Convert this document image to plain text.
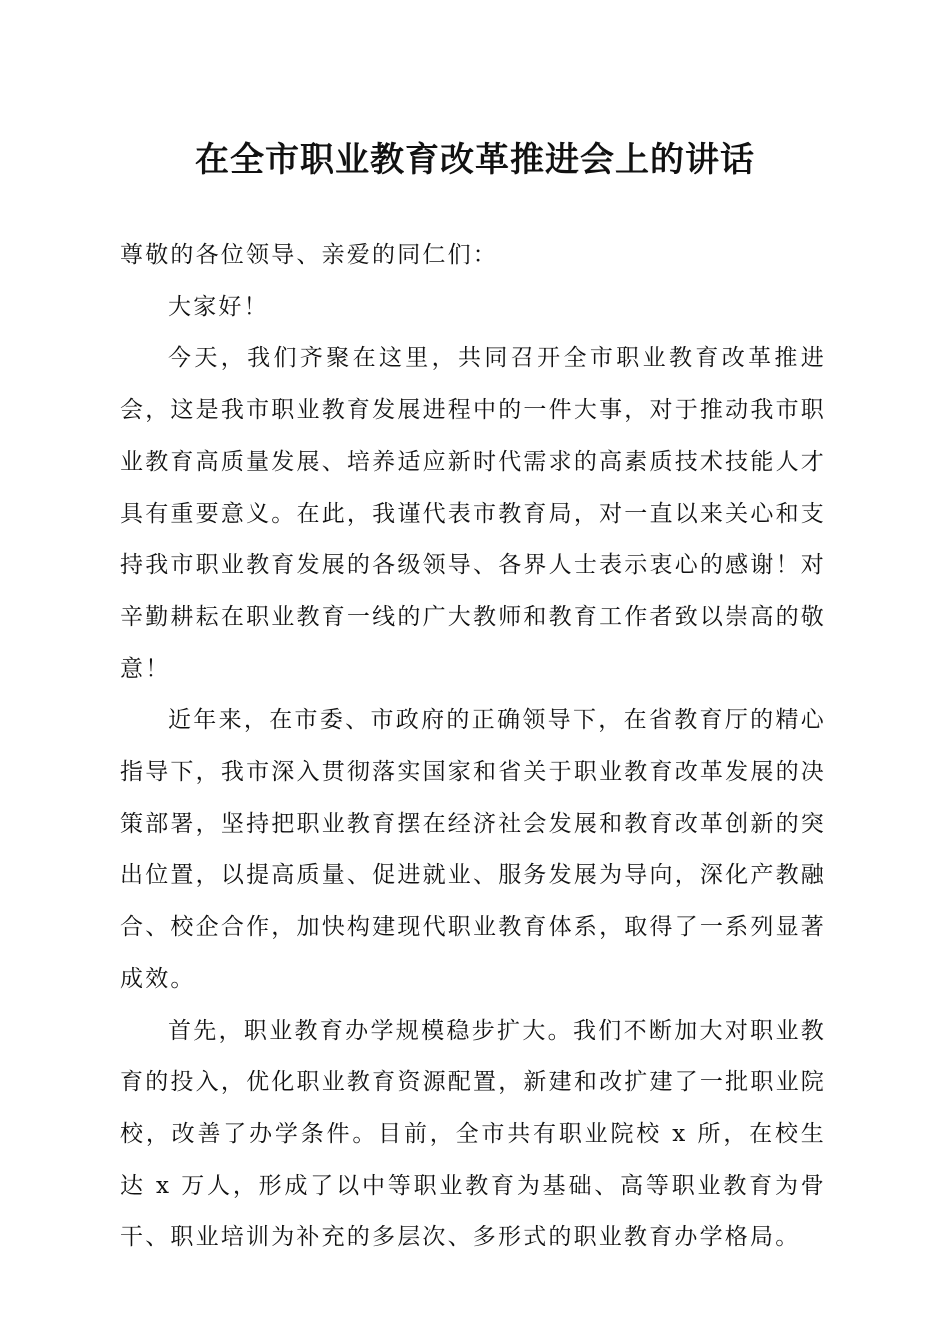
在全市职业教育改革推进会上的讲话

尊敬的各位领导、亲爱的同仁们：

大家好！

今天，我们齐聚在这里，共同召开全市职业教育改革推进会，这是我市职业教育发展进程中的一件大事，对于推动我市职业教育高质量发展、培养适应新时代需求的高素质技术技能人才具有重要意义。在此，我谨代表市教育局，对一直以来关心和支持我市职业教育发展的各级领导、各界人士表示衷心的感谢！对辛勤耕耘在职业教育一线的广大教师和教育工作者致以崇高的敬意！

近年来，在市委、市政府的正确领导下，在省教育厅的精心指导下，我市深入贯彻落实国家和省关于职业教育改革发展的决策部署，坚持把职业教育摆在经济社会发展和教育改革创新的突出位置，以提高质量、促进就业、服务发展为导向，深化产教融合、校企合作，加快构建现代职业教育体系，取得了一系列显著成效。

首先，职业教育办学规模稳步扩大。我们不断加大对职业教育的投入，优化职业教育资源配置，新建和改扩建了一批职业院校，改善了办学条件。目前，全市共有职业院校 x 所，在校生达 x 万人，形成了以中等职业教育为基础、高等职业教育为骨干、职业培训为补充的多层次、多形式的职业教育办学格局。
